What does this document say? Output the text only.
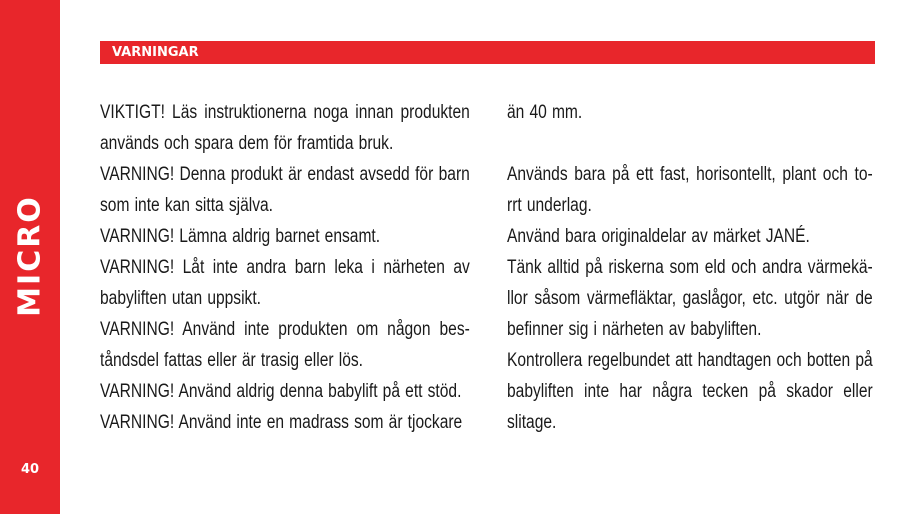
MICRO
40
VARNINGAR

VIKTIGT! Läs instruktionerna noga innan produkten används och spara dem för framtida bruk.

VARNING! Denna produkt är endast avsedd för barn som inte kan sitta själva.

VARNING! Lämna aldrig barnet ensamt.

VARNING! Låt inte andra barn leka i närheten av babyliften utan uppsikt.

VARNING! Använd inte produkten om någon bes-tåndsdel fattas eller är trasig eller lös.

VARNING! Använd aldrig denna babylift på ett stöd.

VARNING! Använd inte en madrass som är tjockare

än 40 mm.

Används bara på ett fast, horisontellt, plant och to-rrt underlag.

Använd bara originaldelar av märket JANÉ.

Tänk alltid på riskerna som eld och andra värmekä-llor såsom värmefläktar, gaslågor, etc. utgör när de befinner sig i närheten av babyliften.

Kontrollera regelbundet att handtagen och botten på babyliften inte har några tecken på skador eller slitage.
